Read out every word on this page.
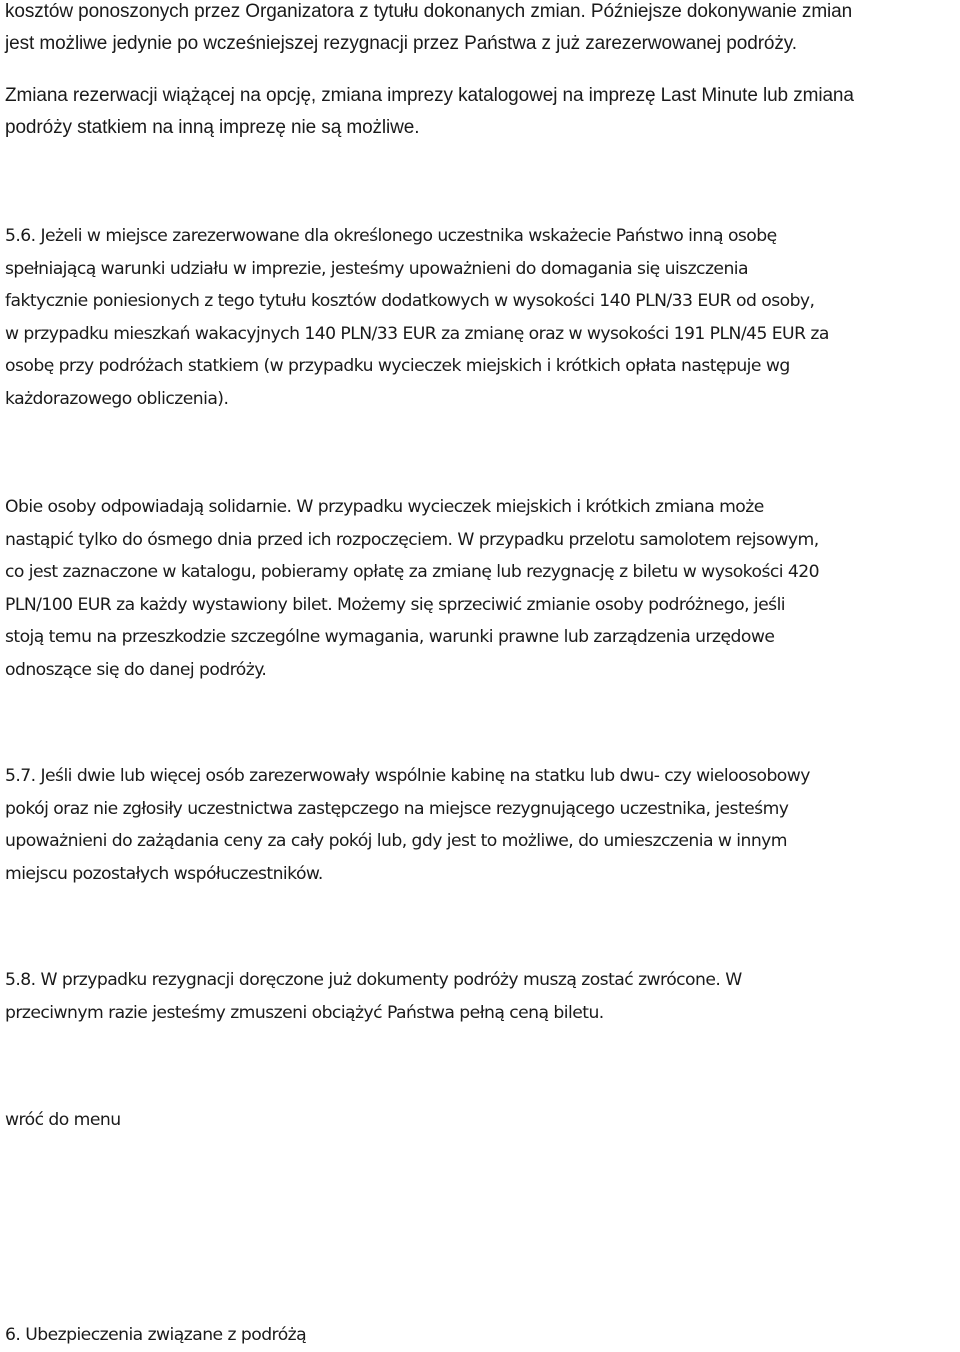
kosztów ponoszonych przez Organizatora z tytułu dokonanych zmian. Późniejsze dokonywanie zmian
jest możliwe jedynie po wcześniejszej rezygnacji przez Państwa z już zarezerwowanej podróży.

Zmiana rezerwacji wiążącej na opcję, zmiana imprezy katalogowej na imprezę Last Minute lub zmiana
podróży statkiem na inną imprezę nie są możliwe.

5.6. Jeżeli w miejsce zarezerwowane dla określonego uczestnika wskażecie Państwo inną osobę
spełniającą warunki udziału w imprezie, jesteśmy upoważnieni do domagania się uiszczenia
faktycznie poniesionych z tego tytułu kosztów dodatkowych w wysokości 140 PLN/33 EUR od osoby,
w przypadku mieszkań wakacyjnych 140 PLN/33 EUR za zmianę oraz w wysokości 191 PLN/45 EUR za
osobę przy podróżach statkiem (w przypadku wycieczek miejskich i krótkich opłata następuje wg
każdorazowego obliczenia).

Obie osoby odpowiadają solidarnie. W przypadku wycieczek miejskich i krótkich zmiana może
nastąpić tylko do ósmego dnia przed ich rozpoczęciem. W przypadku przelotu samolotem rejsowym,
co jest zaznaczone w katalogu, pobieramy opłatę za zmianę lub rezygnację z biletu w wysokości 420
PLN/100 EUR za każdy wystawiony bilet. Możemy się sprzeciwić zmianie osoby podróżnego, jeśli
stoją temu na przeszkodzie szczególne wymagania, warunki prawne lub zarządzenia urzędowe
odnoszące się do danej podróży.

5.7. Jeśli dwie lub więcej osób zarezerwowały wspólnie kabinę na statku lub dwu- czy wieloosobowy
pokój oraz nie zgłosiły uczestnictwa zastępczego na miejsce rezygnującego uczestnika, jesteśmy
upoważnieni do zażądania ceny za cały pokój lub, gdy jest to możliwe, do umieszczenia w innym
miejscu pozostałych współuczestników.

5.8. W przypadku rezygnacji doręczone już dokumenty podróży muszą zostać zwrócone. W
przeciwnym razie jesteśmy zmuszeni obciążyć Państwa pełną ceną biletu.

wróć do menu

6. Ubezpieczenia związane z podróżą
